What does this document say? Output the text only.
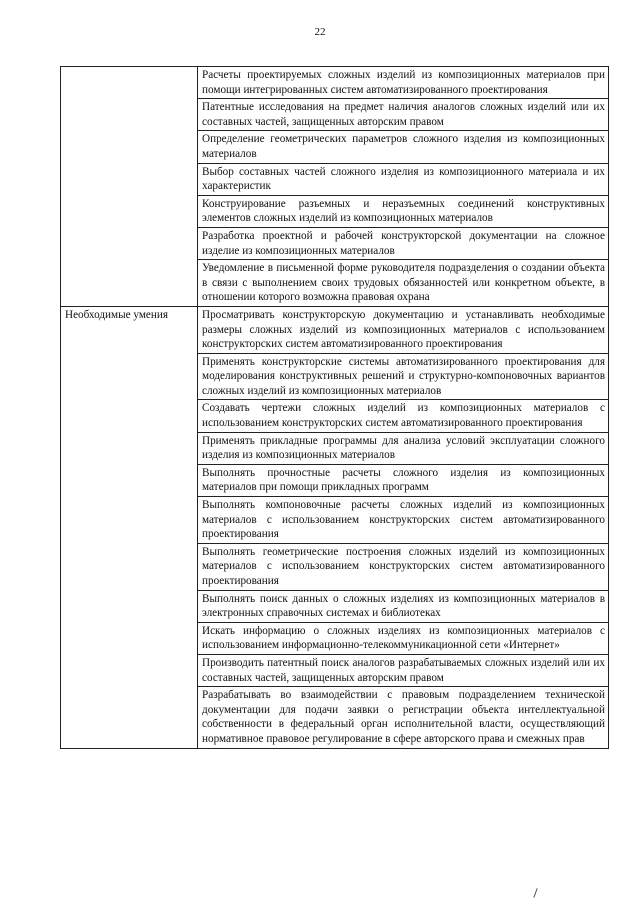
22
	Расчеты проектируемых сложных изделий из композиционных материалов при помощи интегрированных систем автоматизированного проектирования
	Патентные исследования на предмет наличия аналогов сложных изделий или их составных частей, защищенных авторским правом
	Определение геометрических параметров сложного изделия из композиционных материалов
	Выбор составных частей сложного изделия из композиционного материала и их характеристик
	Конструирование разъемных и неразъемных соединений конструктивных элементов сложных изделий из композиционных материалов
	Разработка проектной и рабочей конструкторской документации на сложное изделие из композиционных материалов
	Уведомление в письменной форме руководителя подразделения о создании объекта в связи с выполнением своих трудовых обязанностей или конкретном объекте, в отношении которого возможна правовая охрана
Необходимые умения	Просматривать конструкторскую документацию и устанавливать необходимые размеры сложных изделий из композиционных материалов с использованием конструкторских систем автоматизированного проектирования
	Применять конструкторские системы автоматизированного проектирования для моделирования конструктивных решений и структурно-компоновочных вариантов сложных изделий из композиционных материалов
	Создавать чертежи сложных изделий из композиционных материалов с использованием конструкторских систем автоматизированного проектирования
	Применять прикладные программы для анализа условий эксплуатации сложного изделия из композиционных материалов
	Выполнять прочностные расчеты сложного изделия из композиционных материалов при помощи прикладных программ
	Выполнять компоновочные расчеты сложных изделий из композиционных материалов с использованием конструкторских систем автоматизированного проектирования
	Выполнять геометрические построения сложных изделий из композиционных материалов с использованием конструкторских систем автоматизированного проектирования
	Выполнять поиск данных о сложных изделиях из композиционных материалов в электронных справочных системах и библиотеках
	Искать информацию о сложных изделиях из композиционных материалов с использованием информационно-телекоммуникационной сети «Интернет»
	Производить патентный поиск аналогов разрабатываемых сложных изделий или их составных частей, защищенных авторским правом
	Разрабатывать во взаимодействии с правовым подразделением технической документации для подачи заявки о регистрации объекта интеллектуальной собственности в федеральный орган исполнительной власти, осуществляющий нормативное правовое регулирование в сфере авторского права и смежных прав
